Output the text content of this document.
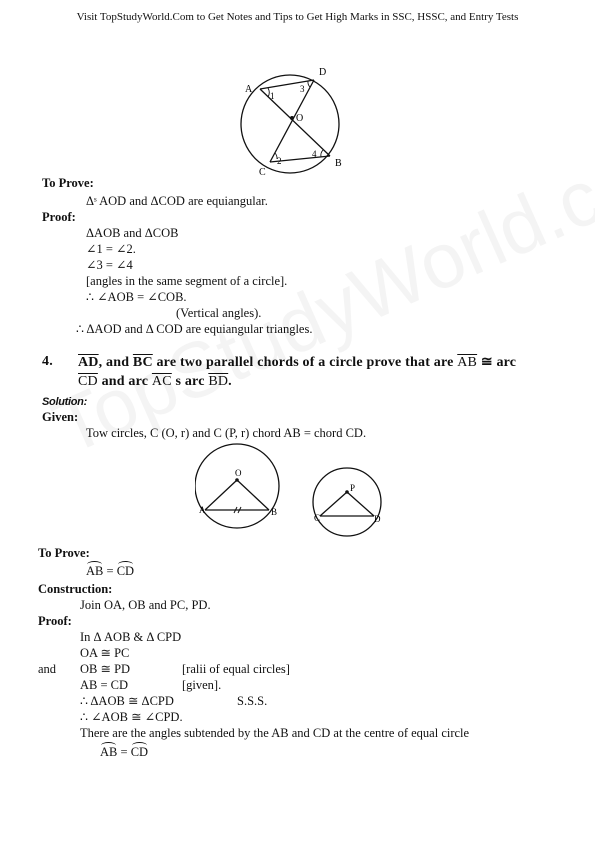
Visit TopStudyWorld.Com to Get Notes and Tips to Get High Marks in SSC, HSSC, and Entry Tests
A
D
O
B
C
1
2
3
4
To Prove:
Δˢ AOD and ΔCOD are equiangular.
Proof:
ΔAOB and ΔCOB
∠1 = ∠2.
∠3 = ∠4
[angles in the same segment of a circle].
∴ ∠AOB = ∠COB.
(Vertical angles).
∴ ΔAOD and Δ COD are equiangular triangles.
4. $\overline{AD}$, and $\overline{BC}$ are two parallel chords of a circle prove that are $\overline{AB}$ ≅ arc
$\overline{CD}$ and arc $\overline{AC}$ s arc $\overline{BD}$.
Solution:
Given:
Tow circles, C (O, r) and C (P, r) chord AB = chord CD.
O
A	B
P
C	D
To Prove:
AB = CD
Construction:
Join OA, OB and PC, PD.
Proof:
In Δ AOB & Δ CPD
OA ≅ PC
and OB ≅ PD	[ralii of equal circles]
AB = CD	[given].
∴ ΔAOB ≅ ΔCPD	S.S.S.
∴ ∠AOB ≅ ∠CPD.
There are the angles subtended by the AB and CD at the centre of equal circle
AB = CD
